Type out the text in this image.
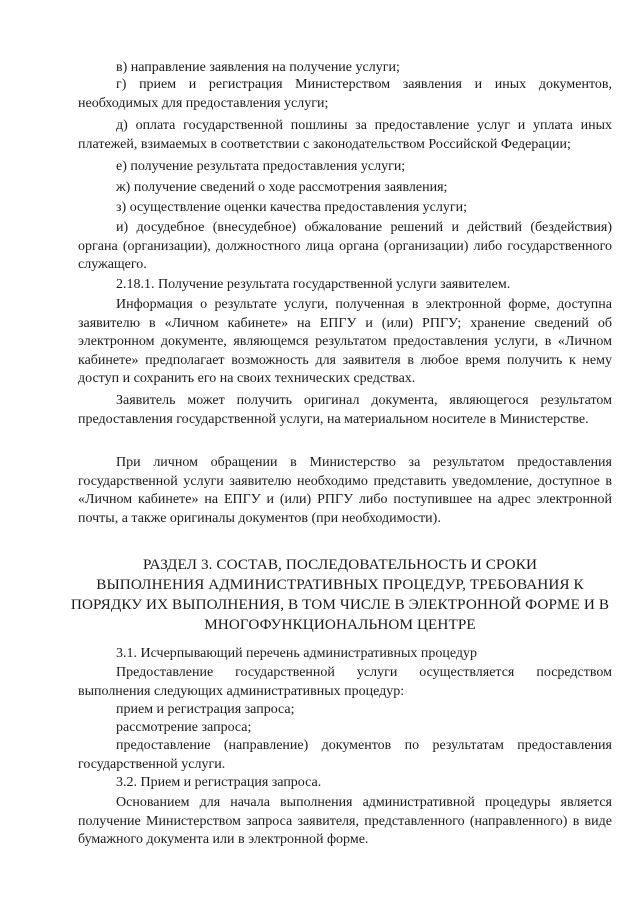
в) направление заявления на получение услуги;

г) прием и регистрация Министерством заявления и иных документов, необходимых для предоставления услуги;

д) оплата государственной пошлины за предоставление услуг и уплата иных платежей, взимаемых в соответствии с законодательством Российской Федерации;

е) получение результата предоставления услуги;

ж) получение сведений о ходе рассмотрения заявления;

з) осуществление оценки качества предоставления услуги;

и) досудебное (внесудебное) обжалование решений и действий (бездействия) органа (организации), должностного лица органа (организации) либо государственного служащего.

2.18.1. Получение результата государственной услуги заявителем.

Информация о результате услуги, полученная в электронной форме, доступна заявителю в «Личном кабинете» на ЕПГУ и (или) РПГУ; хранение сведений об электронном документе, являющемся результатом предоставления услуги, в «Личном кабинете» предполагает возможность для заявителя в любое время получить к нему доступ и сохранить его на своих технических средствах.

Заявитель может получить оригинал документа, являющегося результатом предоставления государственной услуги, на материальном носителе в Министерстве.

При личном обращении в Министерство за результатом предоставления государственной услуги заявителю необходимо представить уведомление, доступное в «Личном кабинете» на ЕПГУ и (или) РПГУ либо поступившее на адрес электронной почты, а также оригиналы документов (при необходимости).

РАЗДЕЛ 3. СОСТАВ, ПОСЛЕДОВАТЕЛЬНОСТЬ И СРОКИ
ВЫПОЛНЕНИЯ АДМИНИСТРАТИВНЫХ ПРОЦЕДУР, ТРЕБОВАНИЯ К
ПОРЯДКУ ИХ ВЫПОЛНЕНИЯ, В ТОМ ЧИСЛЕ В ЭЛЕКТРОННОЙ ФОРМЕ И В
МНОГОФУНКЦИОНАЛЬНОМ ЦЕНТРЕ

3.1. Исчерпывающий перечень административных процедур

Предоставление государственной услуги осуществляется посредством выполнения следующих административных процедур:

прием и регистрация запроса;

рассмотрение запроса;

предоставление (направление) документов по результатам предоставления государственной услуги.

3.2. Прием и регистрация запроса.

Основанием для начала выполнения административной процедуры является получение Министерством запроса заявителя, представленного (направленного) в виде бумажного документа или в электронной форме.
